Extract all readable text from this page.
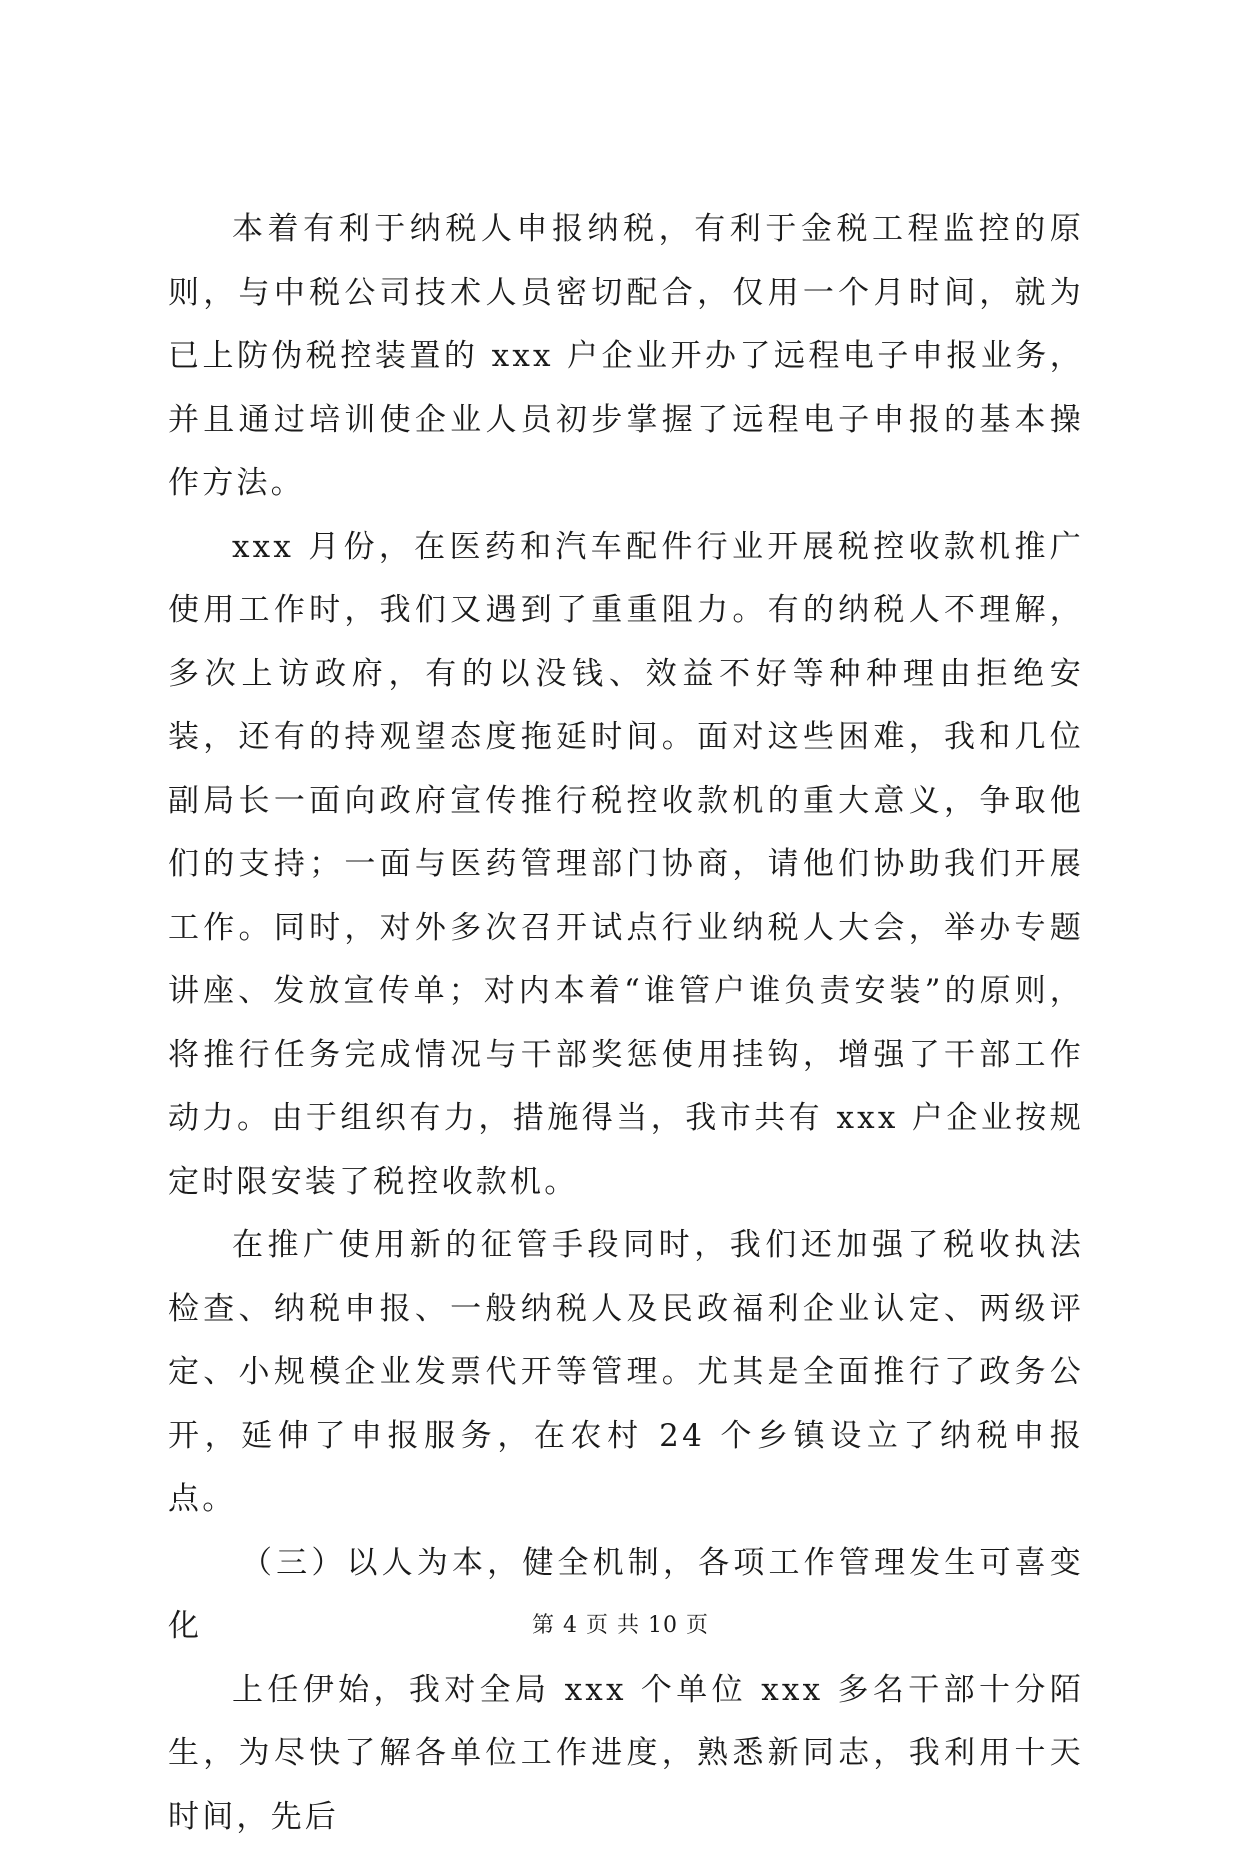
本着有利于纳税人申报纳税，有利于金税工程监控的原则，与中税公司技术人员密切配合，仅用一个月时间，就为已上防伪税控装置的 xxx 户企业开办了远程电子申报业务，并且通过培训使企业人员初步掌握了远程电子申报的基本操作方法。

xxx 月份，在医药和汽车配件行业开展税控收款机推广使用工作时，我们又遇到了重重阻力。有的纳税人不理解，多次上访政府，有的以没钱、效益不好等种种理由拒绝安装，还有的持观望态度拖延时间。面对这些困难，我和几位副局长一面向政府宣传推行税控收款机的重大意义，争取他们的支持；一面与医药管理部门协商，请他们协助我们开展工作。同时，对外多次召开试点行业纳税人大会，举办专题讲座、发放宣传单；对内本着“谁管户谁负责安装”的原则，将推行任务完成情况与干部奖惩使用挂钩，增强了干部工作动力。由于组织有力，措施得当，我市共有 xxx 户企业按规定时限安装了税控收款机。

在推广使用新的征管手段同时，我们还加强了税收执法检查、纳税申报、一般纳税人及民政福利企业认定、两级评定、小规模企业发票代开等管理。尤其是全面推行了政务公开，延伸了申报服务，在农村 24 个乡镇设立了纳税申报点。

（三）以人为本，健全机制，各项工作管理发生可喜变化

上任伊始，我对全局 xxx 个单位 xxx 多名干部十分陌生，为尽快了解各单位工作进度，熟悉新同志，我利用十天时间，先后

第 4 页 共 10 页
